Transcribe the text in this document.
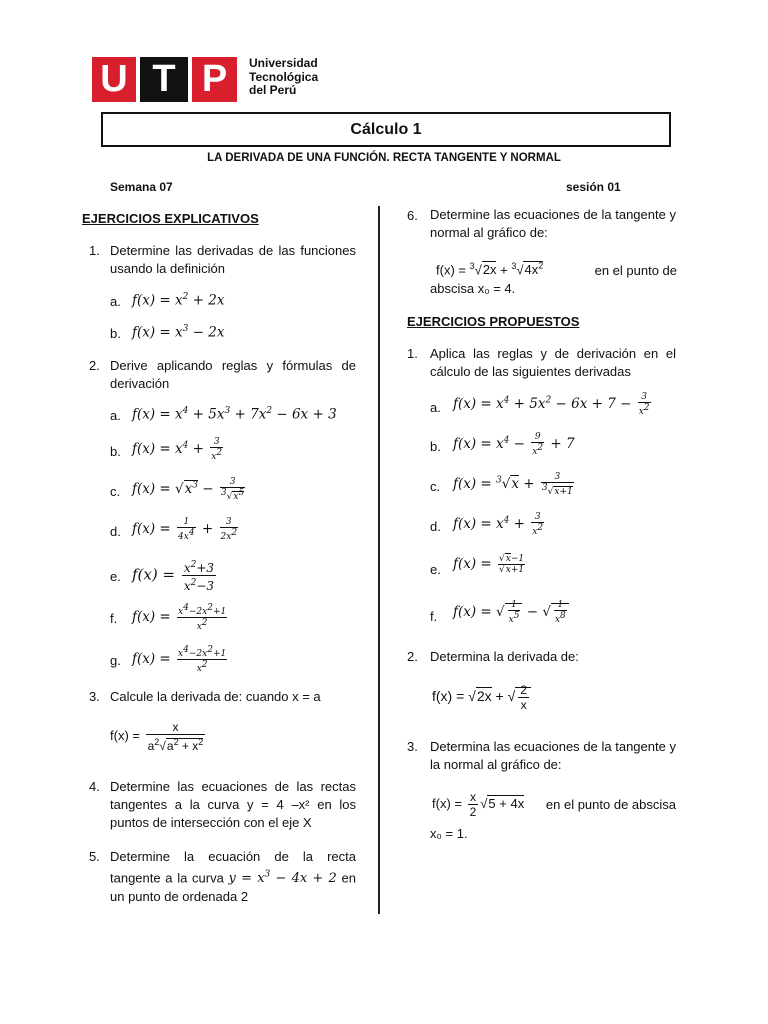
U T P	Universidad
Tecnológica
del Perú
Cálculo 1
LA DERIVADA DE UNA FUNCIÓN. RECTA TANGENTE Y NORMAL
Semana 07	sesión 01
EJERCICIOS EXPLICATIVOS
1. Determine las derivadas de las funciones usando la definición
a. $f(x) = x^2 + 2x$
b. $f(x) = x^3 - 2x$
2. Derive aplicando reglas y fórmulas de derivación
a. $f(x) = x^4 + 5x^3 + 7x^2 - 6x + 3$
b. $f(x) = x^4 + \frac{3}{x^2}$
c. $f(x) = √x^3 - \frac{3}{^3√x^5}$
d. $f(x) = \frac{1}{4x^4} + \frac{3}{2x^2}$
e. $f(x) = \frac{x^2+3}{x^2-3}$
f. $f(x) = \frac{x^4-2x^2+1}{x^2}$
g. $f(x) = \frac{x^4-2x^2+1}{x^2}$
3. Calcule la derivada de: cuando x = a
$f(x) = \frac{x}{a^2√a^2 + x^2}$
4. Determine las ecuaciones de las rectas tangentes a la curva y = 4 –x² en los puntos de intersección con el eje X
5. Determine la ecuación de la recta tangente a la curva $y = x^3 - 4x + 2$ en un punto de ordenada 2
6. Determine las ecuaciones de la tangente y normal al gráfico de:
$f(x) = ^3√2x + ^3√4x^2$	en el punto de
abscisa x₀ = 4.
EJERCICIOS PROPUESTOS
1. Aplica las reglas y de derivación en el cálculo de las siguientes derivadas
a. $f(x) = x^4 + 5x^2 - 6x + 7 - \frac{3}{x^2}$
b. $f(x) = x^4 - \frac{9}{x^2} + 7$
c. $f(x) = ^3√x + \frac{3}{^3√x+1}$
d. $f(x) = x^4 + \frac{3}{x^2}$
e. $f(x) = \frac{√x-1}{√x+1}$
f. f(x) = √ $\frac{1}{x^5}$ − √ $\frac{1}{x^8}$
2. Determina la derivada de:
f(x) = √2x + √ $\frac{2}{x}$
3. Determina las ecuaciones de la tangente y la normal al gráfico de:
$f(x) = \frac{x}{2} √5 + 4x$	en el punto de abscisa
x₀ = 1.
